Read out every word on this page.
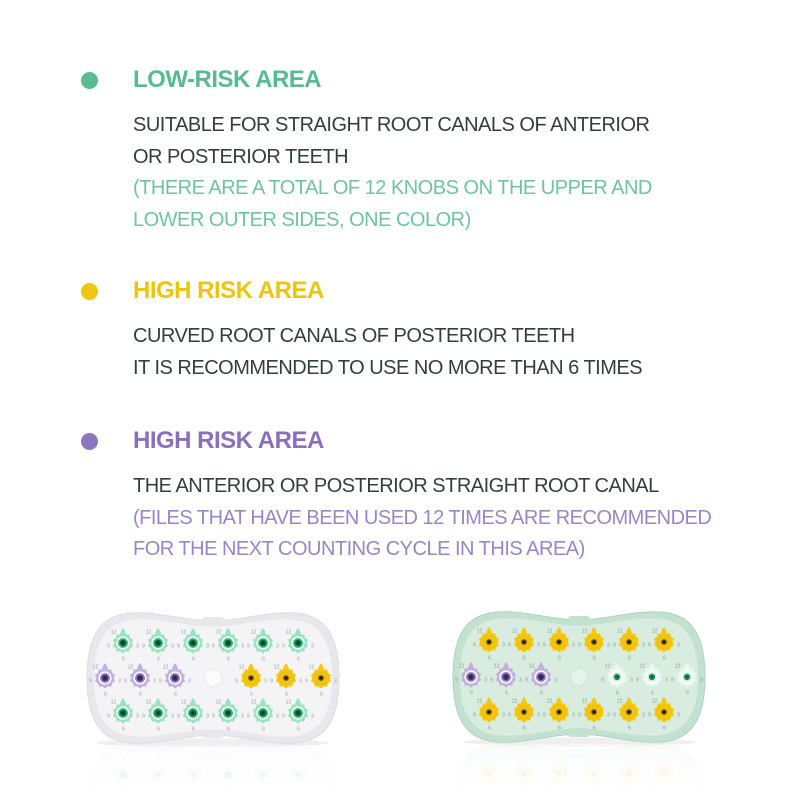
LOW-RISK AREA
SUITABLE FOR STRAIGHT ROOT CANALS OF ANTERIOR
OR POSTERIOR TEETH
(THERE ARE A TOTAL OF 12 KNOBS ON THE UPPER AND
LOWER OUTER SIDES, ONE COLOR)
HIGH RISK AREA
CURVED ROOT CANALS OF POSTERIOR TEETH
IT IS RECOMMENDED TO USE NO MORE THAN 6 TIMES
HIGH RISK AREA
THE ANTERIOR OR POSTERIOR STRAIGHT ROOT CANAL
(FILES THAT HAVE BEEN USED 12 TIMES ARE RECOMMENDED
FOR THE NEXT COUNTING CYCLE IN THIS AREA)
12
3
6
9
12
3
6
9
12
3
6
9
12
3
6
9
12
3
6
9
12
3
6
9
12
3
6
9
12
3
6
9
12
3
6
9
12
3
6
9
12
3
6
9
12
3
6
9
12
3
6
9
12
3
6
9
12
3
6
9
12
3
6
9
12
3
6
9
12
3
6
9
12
3
6
9
12
3
6
9
12
3
6
9
12
3
6
9
12
3
6
9
12
3
6
9
12
3
6
9
12
3
6
9
12
3
6
9
12
3
6
9
12
3
6
9
12
3
6
9
12
3
6
9
12
3
6
9
12
3
6
9
12
3
6
9
12
3
6
9
12
3
6
9
